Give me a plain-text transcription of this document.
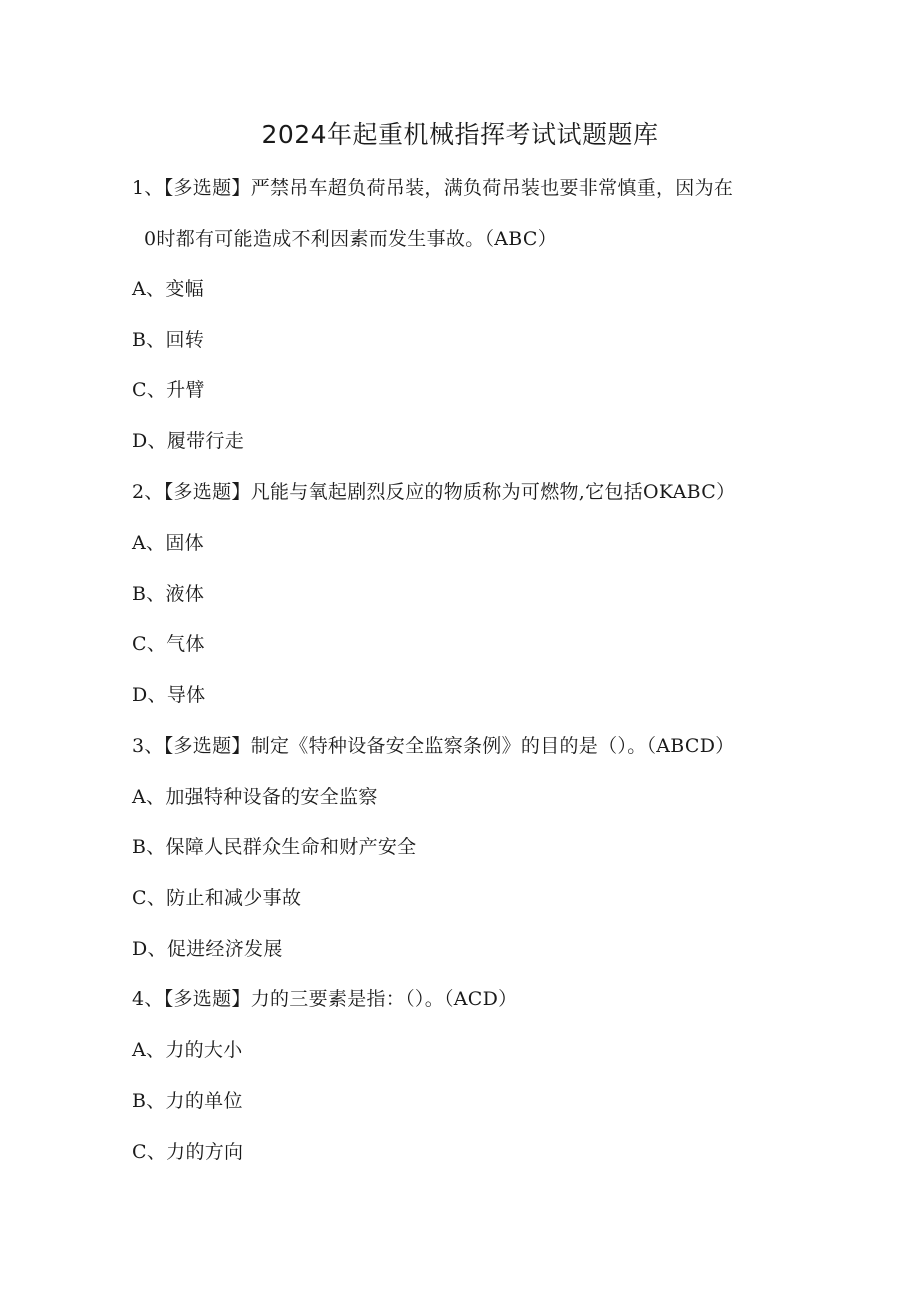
2024年起重机械指挥考试试题题库
1、【多选题】严禁吊车超负荷吊装，满负荷吊装也要非常慎重，因为在
0时都有可能造成不利因素而发生事故。（ABC）
A、变幅
B、回转
C、升臂
D、履带行走
2、【多选题】凡能与氧起剧烈反应的物质称为可燃物,它包括OKABC）
A、固体
B、液体
C、气体
D、导体
3、【多选题】制定《特种设备安全监察条例》的目的是（）。（ABCD）
A、加强特种设备的安全监察
B、保障人民群众生命和财产安全
C、防止和减少事故
D、促进经济发展
4、【多选题】力的三要素是指：（）。（ACD）
A、力的大小
B、力的单位
C、力的方向
